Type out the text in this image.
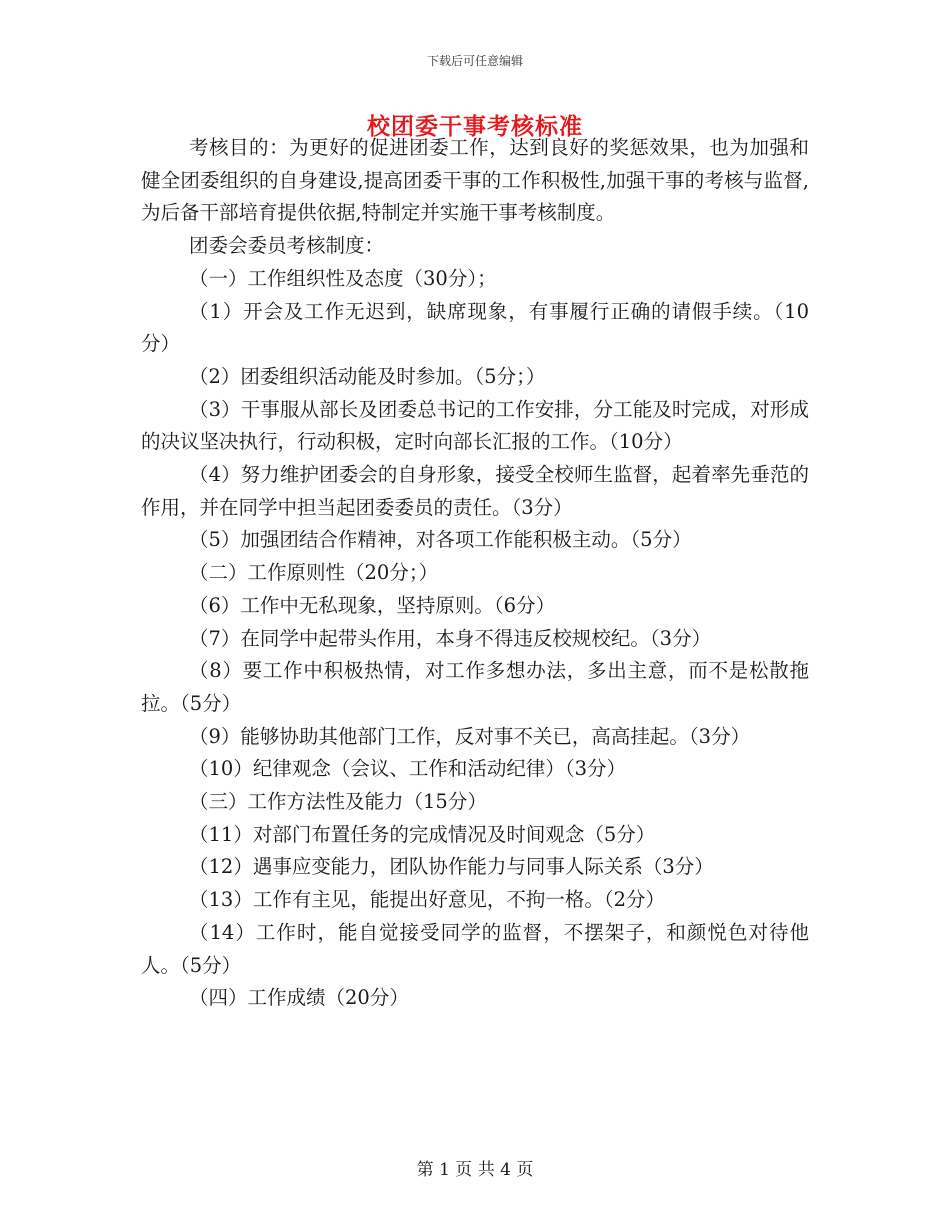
下载后可任意编辑
校团委干事考核标准

考核目的：为更好的促进团委工作，达到良好的奖惩效果，也为加强和健全团委组织的自身建设,提高团委干事的工作积极性,加强干事的考核与监督,为后备干部培育提供依据,特制定并实施干事考核制度。

团委会委员考核制度：

（一）工作组织性及态度（30分）；

（1）开会及工作无迟到，缺席现象，有事履行正确的请假手续。（10分）

（2）团委组织活动能及时参加。（5分；）

（3）干事服从部长及团委总书记的工作安排，分工能及时完成，对形成的决议坚决执行，行动积极，定时向部长汇报的工作。（10分）

（4）努力维护团委会的自身形象，接受全校师生监督，起着率先垂范的作用，并在同学中担当起团委委员的责任。（3分）

（5）加强团结合作精神，对各项工作能积极主动。（5分）

（二）工作原则性（20分；）

（6）工作中无私现象，坚持原则。（6分）

（7）在同学中起带头作用，本身不得违反校规校纪。（3分）

（8）要工作中积极热情，对工作多想办法，多出主意，而不是松散拖拉。（5分）

（9）能够协助其他部门工作，反对事不关已，高高挂起。（3分）

（10）纪律观念（会议、工作和活动纪律）（3分）

（三）工作方法性及能力（15分）

（11）对部门布置任务的完成情况及时间观念（5分）

（12）遇事应变能力，团队协作能力与同事人际关系（3分）

（13）工作有主见，能提出好意见，不拘一格。（2分）

（14）工作时，能自觉接受同学的监督，不摆架子，和颜悦色对待他人。（5分）

（四）工作成绩（20分）

第 1 页 共 4 页
